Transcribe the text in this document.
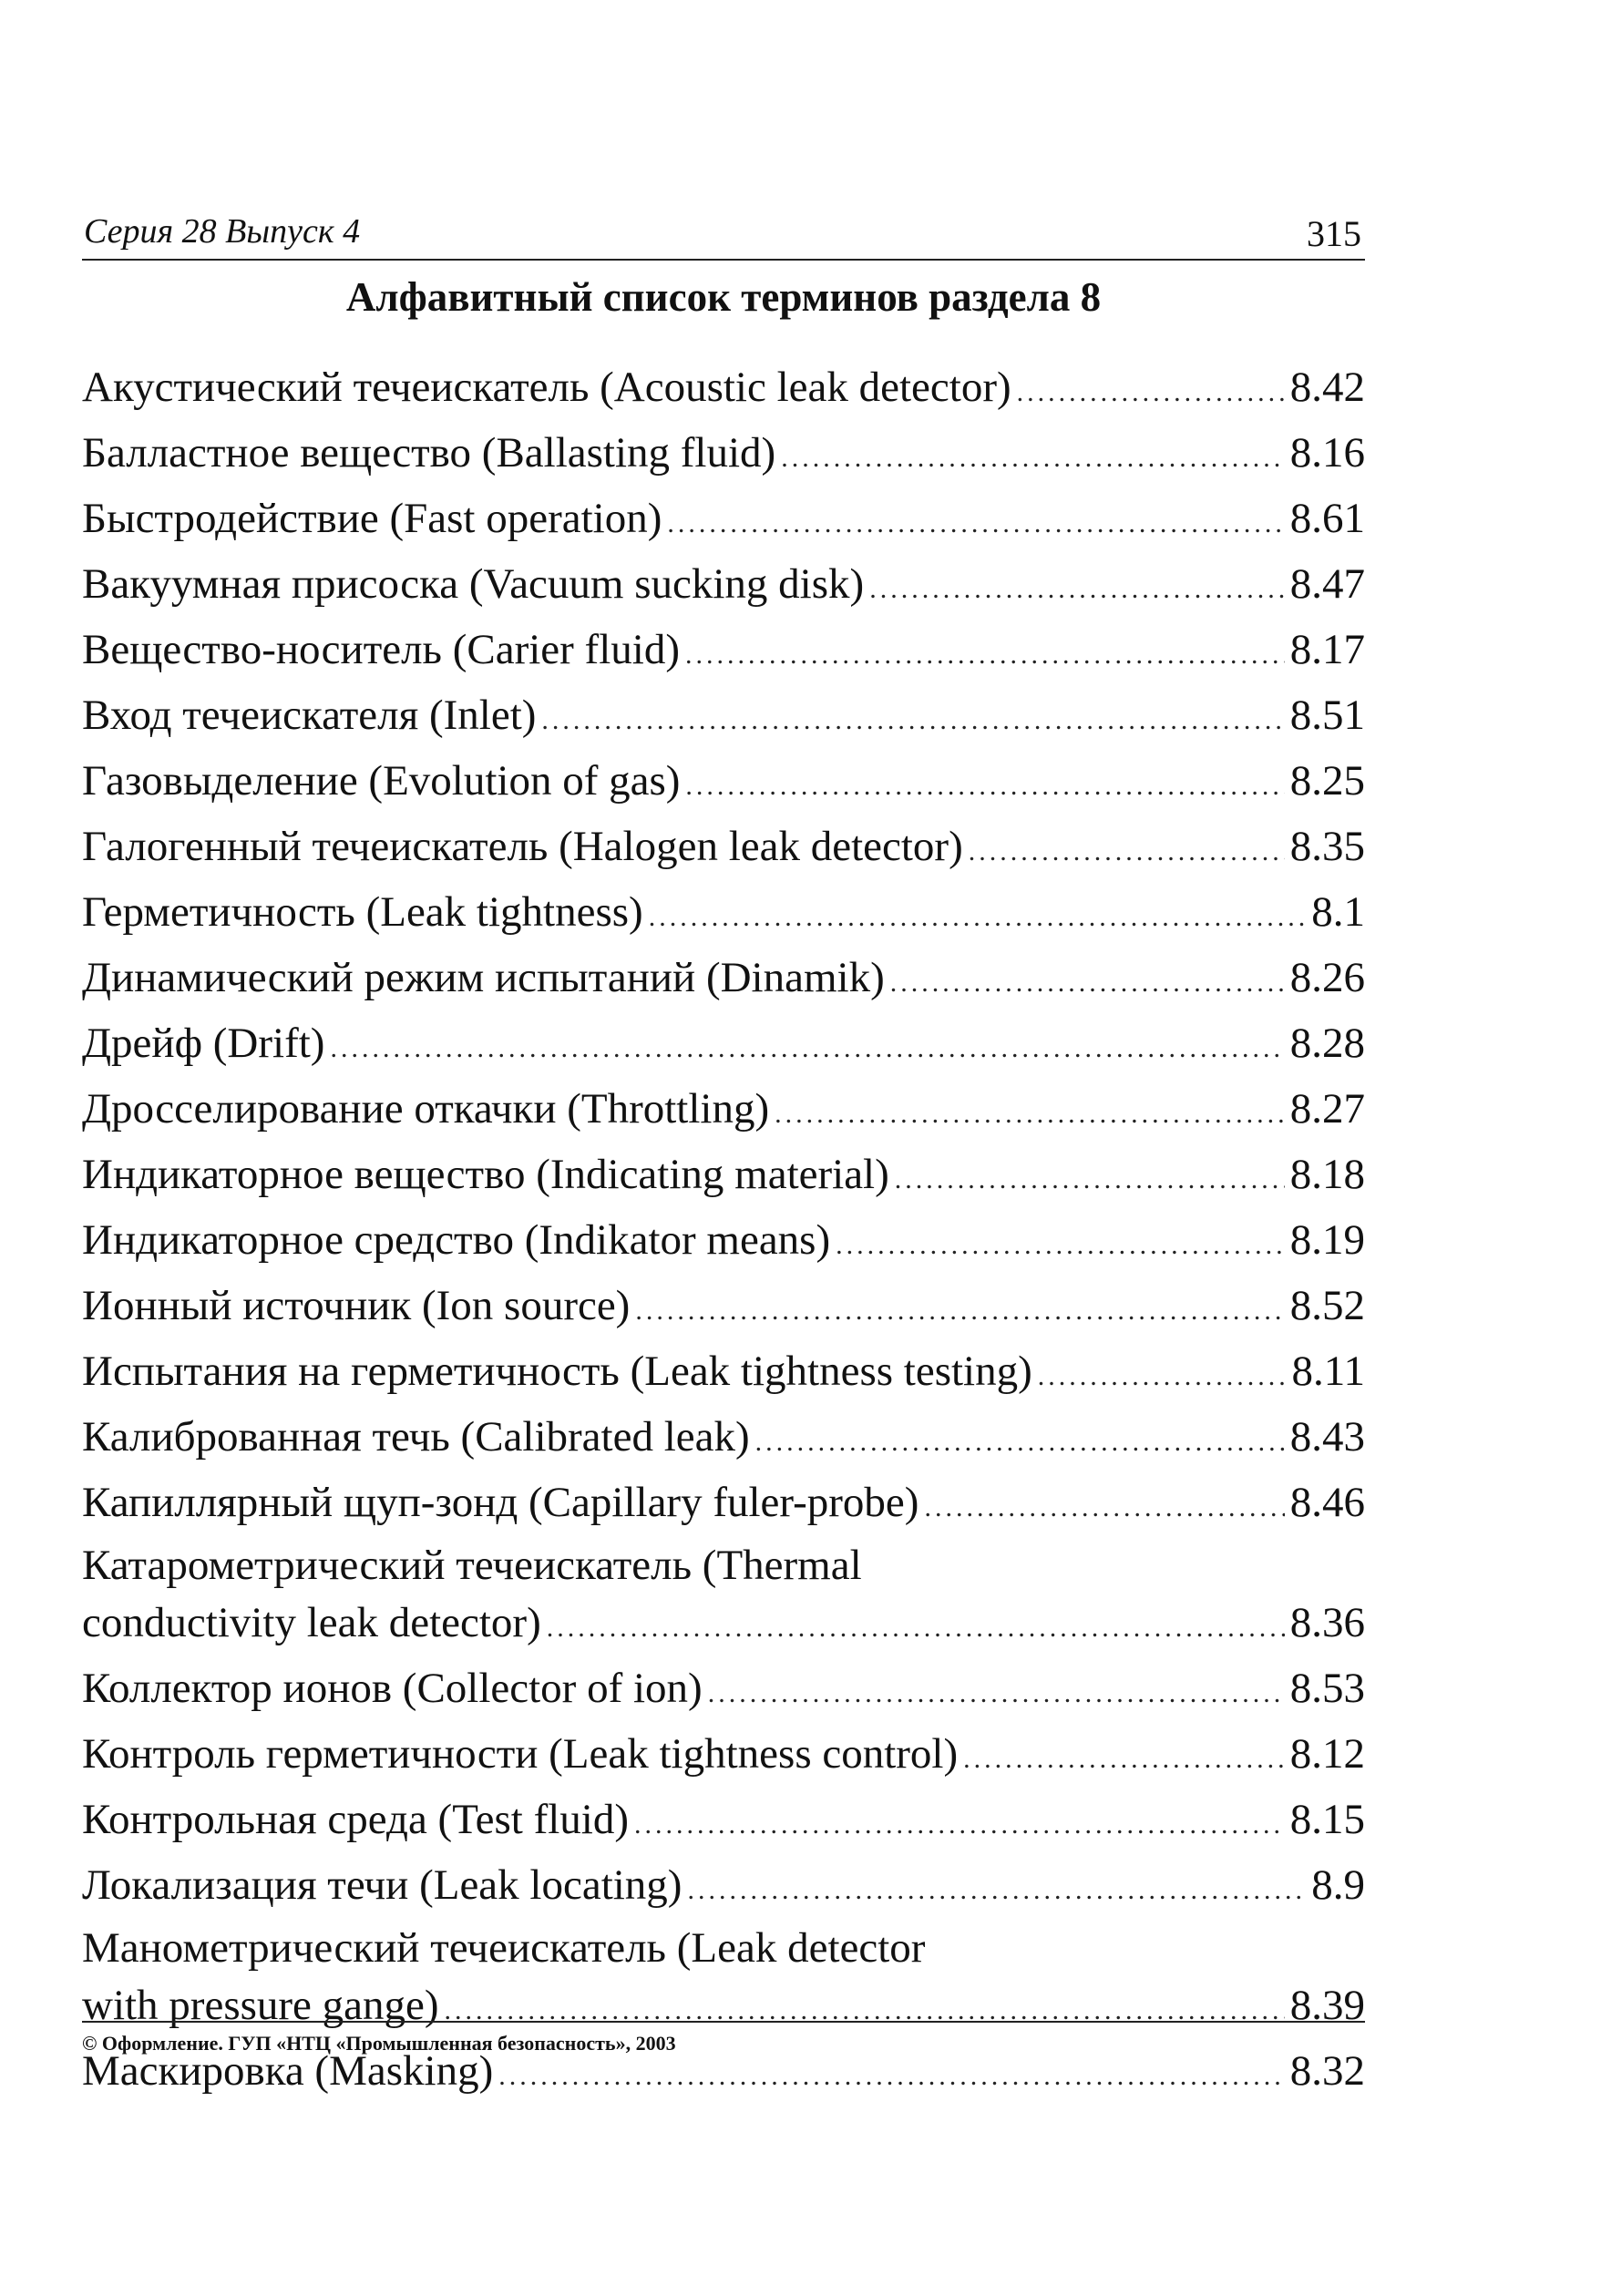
Серия 28 Выпуск 4	315
Алфавитный список терминов раздела 8
Акустический течеискатель (Acoustic leak detector) .....	8.42
Балластное вещество (Ballasting fluid) .....	8.16
Быстродействие (Fast operation) .....	8.61
Вакуумная присоска (Vacuum sucking disk) .....	8.47
Вещество-носитель (Carier fluid) .....	8.17
Вход течеискателя (Inlet) .....	8.51
Газовыделение (Evolution of gas) .....	8.25
Галогенный течеискатель (Halogen leak detector) .....	8.35
Герметичность (Leak tightness) .....	8.1
Динамический режим испытаний (Dinamik) .....	8.26
Дрейф (Drift) .....	8.28
Дросселирование откачки (Throttling) .....	8.27
Индикаторное вещество (Indicating material) .....	8.18
Индикаторное средство (Indikator means) .....	8.19
Ионный источник (Ion source) .....	8.52
Испытания на герметичность (Leak tightness testing) .....	8.11
Калиброванная течь (Calibrated leak) .....	8.43
Капиллярный щуп-зонд (Capillary fuler-probe) .....	8.46
Катарометрический течеискатель (Thermal
conductivity leak detector) .....	8.36
Коллектор ионов (Collector of ion) .....	8.53
Контроль герметичности (Leak tightness control) .....	8.12
Контрольная среда (Test fluid) .....	8.15
Локализация течи (Leak locating) .....	8.9
Манометрический течеискатель (Leak detector
with pressure gange) .....	8.39
Маскировка (Masking) .....	8.32
© Оформление. ГУП «НТЦ «Промышленная безопасность», 2003
